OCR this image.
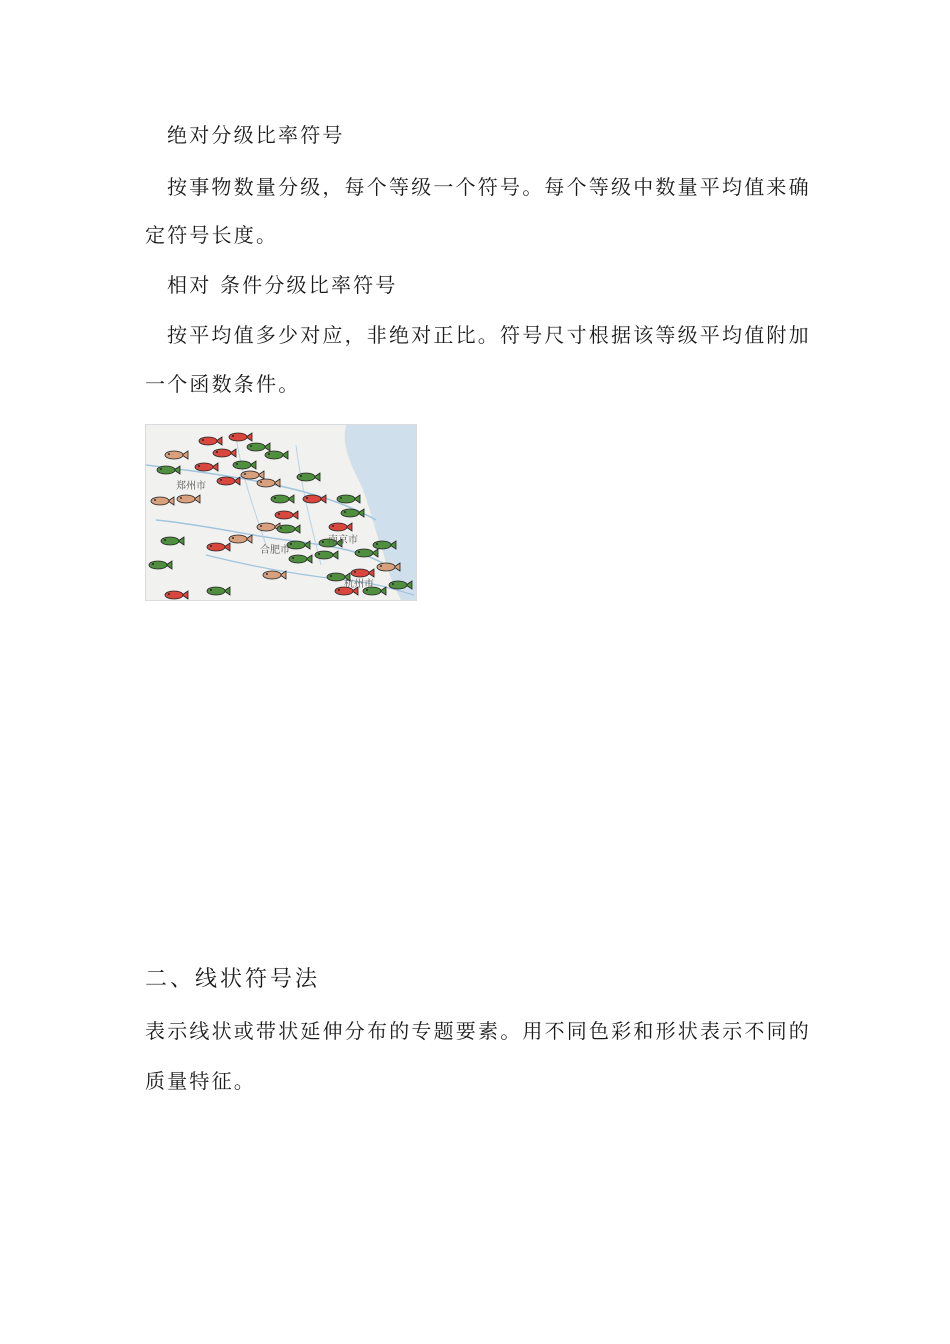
绝对分级比率符号
按事物数量分级，每个等级一个符号。每个等级中数量平均值来确
定符号长度。
相对 条件分级比率符号
按平均值多少对应，非绝对正比。符号尺寸根据该等级平均值附加
一个函数条件。
郑州市
合肥市
南京市
杭州市
二、线状符号法
表示线状或带状延伸分布的专题要素。用不同色彩和形状表示不同的
质量特征。
